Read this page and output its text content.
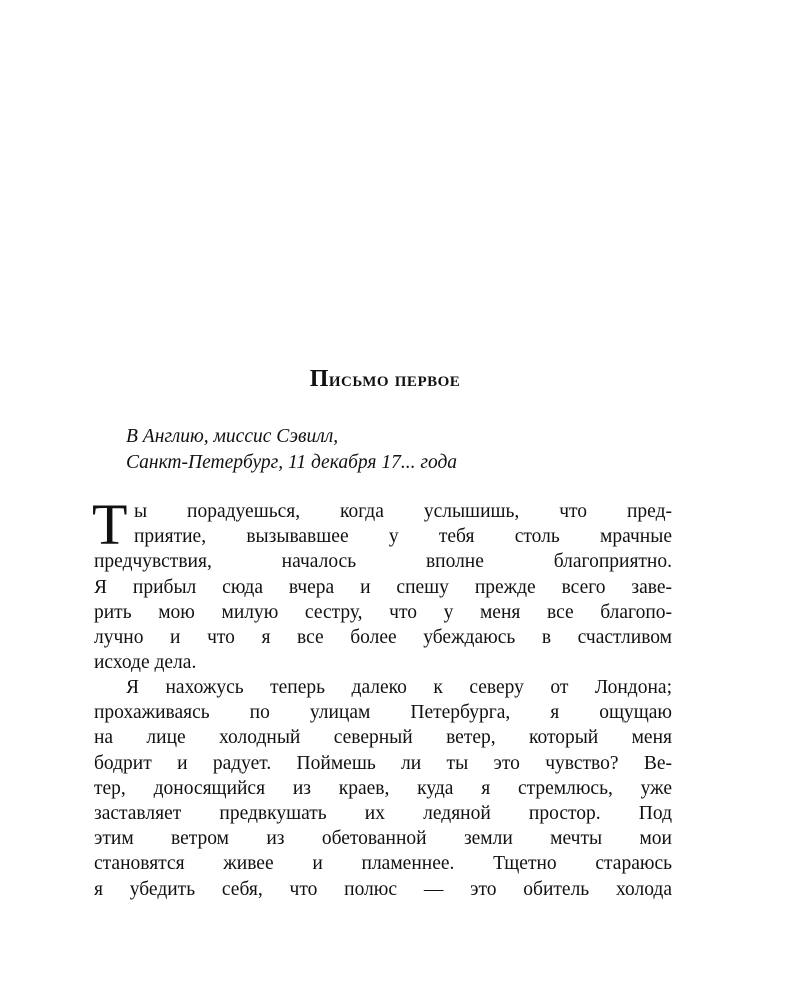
Письмо первое
В Англию, миссис Сэвилл,
Санкт-Петербург, 11 декабря 17... года
Т ы порадуешься, когда услышишь, что пред-
приятие, вызывавшее у тебя столь мрачные
предчувствия, началось вполне благоприятно.
Я прибыл сюда вчера и спешу прежде всего заве-
рить мою милую сестру, что у меня все благопо-
лучно и что я все более убеждаюсь в счастливом
исходе дела.
Я нахожусь теперь далеко к северу от Лондона;
прохаживаясь по улицам Петербурга, я ощущаю
на лице холодный северный ветер, который меня
бодрит и радует. Поймешь ли ты это чувство? Ве-
тер, доносящийся из краев, куда я стремлюсь, уже
заставляет предвкушать их ледяной простор. Под
этим ветром из обетованной земли мечты мои
становятся живее и пламеннее. Тщетно стараюсь
я убедить себя, что полюс — это обитель холода
